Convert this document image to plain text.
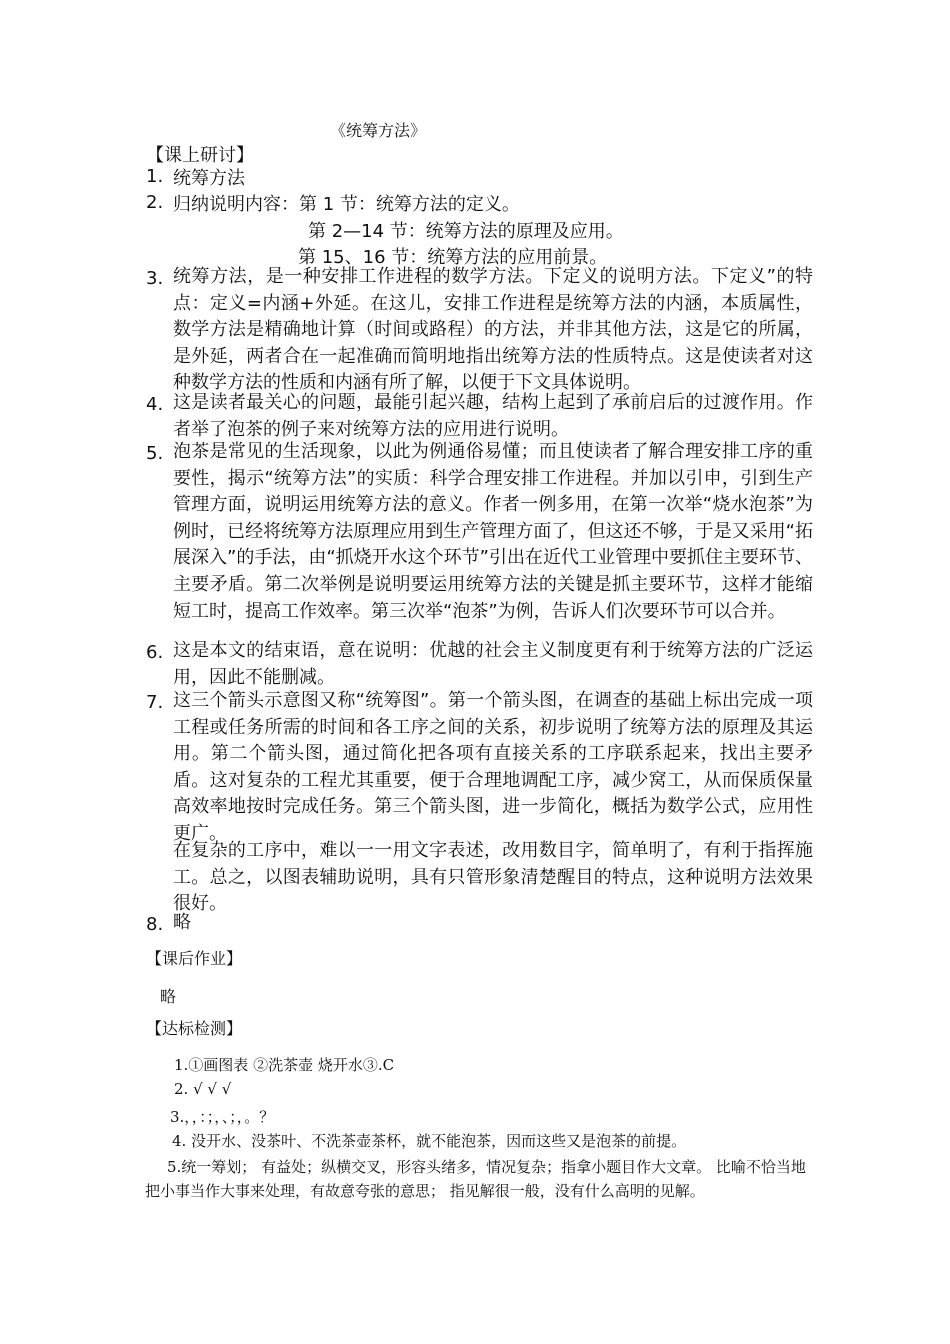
《统筹方法》
【课上研讨】
1. 统筹方法
2. 归纳说明内容：第 1 节：统筹方法的定义。
第 2—14 节：统筹方法的原理及应用。
第 15、16 节：统筹方法的应用前景。
3. 统筹方法，是一种安排工作进程的数学方法。下定义的说明方法。下定义”的特点：定义=内涵+外延。在这儿，安排工作进程是统筹方法的内涵，本质属性，数学方法是精确地计算（时间或路程）的方法，并非其他方法，这是它的所属，是外延，两者合在一起准确而简明地指出统筹方法的性质特点。这是使读者对这种数学方法的性质和内涵有所了解，以便于下文具体说明。
4. 这是读者最关心的问题，最能引起兴趣，结构上起到了承前启后的过渡作用。作者举了泡茶的例子来对统筹方法的应用进行说明。
5. 泡茶是常见的生活现象，以此为例通俗易懂；而且使读者了解合理安排工序的重要性，揭示“统筹方法”的实质：科学合理安排工作进程。并加以引申，引到生产管理方面，说明运用统筹方法的意义。作者一例多用，在第一次举“烧水泡茶”为例时，已经将统筹方法原理应用到生产管理方面了，但这还不够，于是又采用“拓展深入”的手法，由“抓烧开水这个环节”引出在近代工业管理中要抓住主要环节、主要矛盾。第二次举例是说明要运用统筹方法的关键是抓主要环节，这样才能缩短工时，提高工作效率。第三次举“泡茶”为例，告诉人们次要环节可以合并。
6. 这是本文的结束语，意在说明：优越的社会主义制度更有利于统筹方法的广泛运用，因此不能删减。
7. 这三个箭头示意图又称“统筹图”。第一个箭头图，在调查的基础上标出完成一项工程或任务所需的时间和各工序之间的关系，初步说明了统筹方法的原理及其运用。第二个箭头图，通过简化把各项有直接关系的工序联系起来，找出主要矛盾。这对复杂的工程尤其重要，便于合理地调配工序，减少窝工，从而保质保量高效率地按时完成任务。第三个箭头图，进一步简化，概括为数学公式，应用性更广。
在复杂的工序中，难以一一用文字表述，改用数目字，简单明了，有利于指挥施工。总之，以图表辅助说明，具有只管形象清楚醒目的特点，这种说明方法效果很好。
8. 略
【课后作业】
略
【达标检测】
1.①画图表 ②洗茶壶 烧开水③.C
2. √ √ √
3.，，：；，、；，。？
4. 没开水、没茶叶、不洗茶壶茶杯，就不能泡茶，因而这些又是泡茶的前提。
5.统一筹划； 有益处；纵横交叉，形容头绪多，情况复杂；指拿小题目作大文章。 比喻不恰当地把小事当作大事来处理，有故意夸张的意思； 指见解很一般，没有什么高明的见解。
